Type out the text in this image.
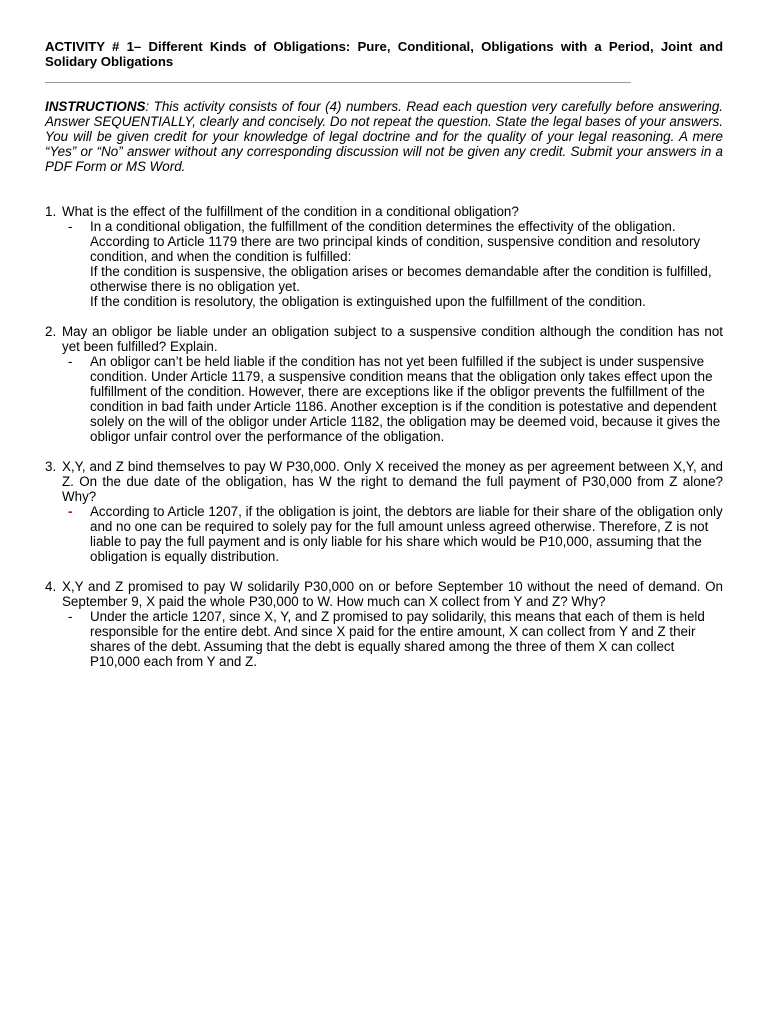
ACTIVITY # 1– Different Kinds of Obligations: Pure, Conditional, Obligations with a Period, Joint and Solidary Obligations

INSTRUCTIONS: This activity consists of four (4) numbers. Read each question very carefully before answering. Answer SEQUENTIALLY, clearly and concisely. Do not repeat the question. State the legal bases of your answers. You will be given credit for your knowledge of legal doctrine and for the quality of your legal reasoning. A mere “Yes” or “No” answer without any corresponding discussion will not be given any credit. Submit your answers in a PDF Form or MS Word.

1. What is the effect of the fulfillment of the condition in a conditional obligation?
-	In a conditional obligation, the fulfillment of the condition determines the effectivity of the obligation. According to Article 1179 there are two principal kinds of condition, suspensive condition and resolutory condition, and when the condition is fulfilled:

If the condition is suspensive, the obligation arises or becomes demandable after the condition is fulfilled, otherwise there is no obligation yet.

If the condition is resolutory, the obligation is extinguished upon the fulfillment of the condition.

2. May an obligor be liable under an obligation subject to a suspensive condition although the condition has not yet been fulfilled? Explain.
-	An obligor can’t be held liable if the condition has not yet been fulfilled if the subject is under suspensive condition. Under Article 1179, a suspensive condition means that the obligation only takes effect upon the fulfillment of the condition. However, there are exceptions like if the obligor prevents the fulfillment of the condition in bad faith under Article 1186. Another exception is if the condition is potestative and dependent solely on the will of the obligor under Article 1182, the obligation may be deemed void, because it gives the obligor unfair control over the performance of the obligation.

3. X,Y, and Z bind themselves to pay W P30,000. Only X received the money as per agreement between X,Y, and Z. On the due date of the obligation, has W the right to demand the full payment of P30,000 from Z alone? Why?
-	According to Article 1207, if the obligation is joint, the debtors are liable for their share of the obligation only and no one can be required to solely pay for the full amount unless agreed otherwise. Therefore, Z is not liable to pay the full payment and is only liable for his share which would be P10,000, assuming that the obligation is equally distribution.

4. X,Y and Z promised to pay W solidarily P30,000 on or before September 10 without the need of demand. On September 9, X paid the whole P30,000 to W. How much can X collect from Y and Z? Why?
-	Under the article 1207, since X, Y, and Z promised to pay solidarily, this means that each of them is held responsible for the entire debt. And since X paid for the entire amount, X can collect from Y and Z their shares of the debt. Assuming that the debt is equally shared among the three of them X can collect P10,000 each from Y and Z.
